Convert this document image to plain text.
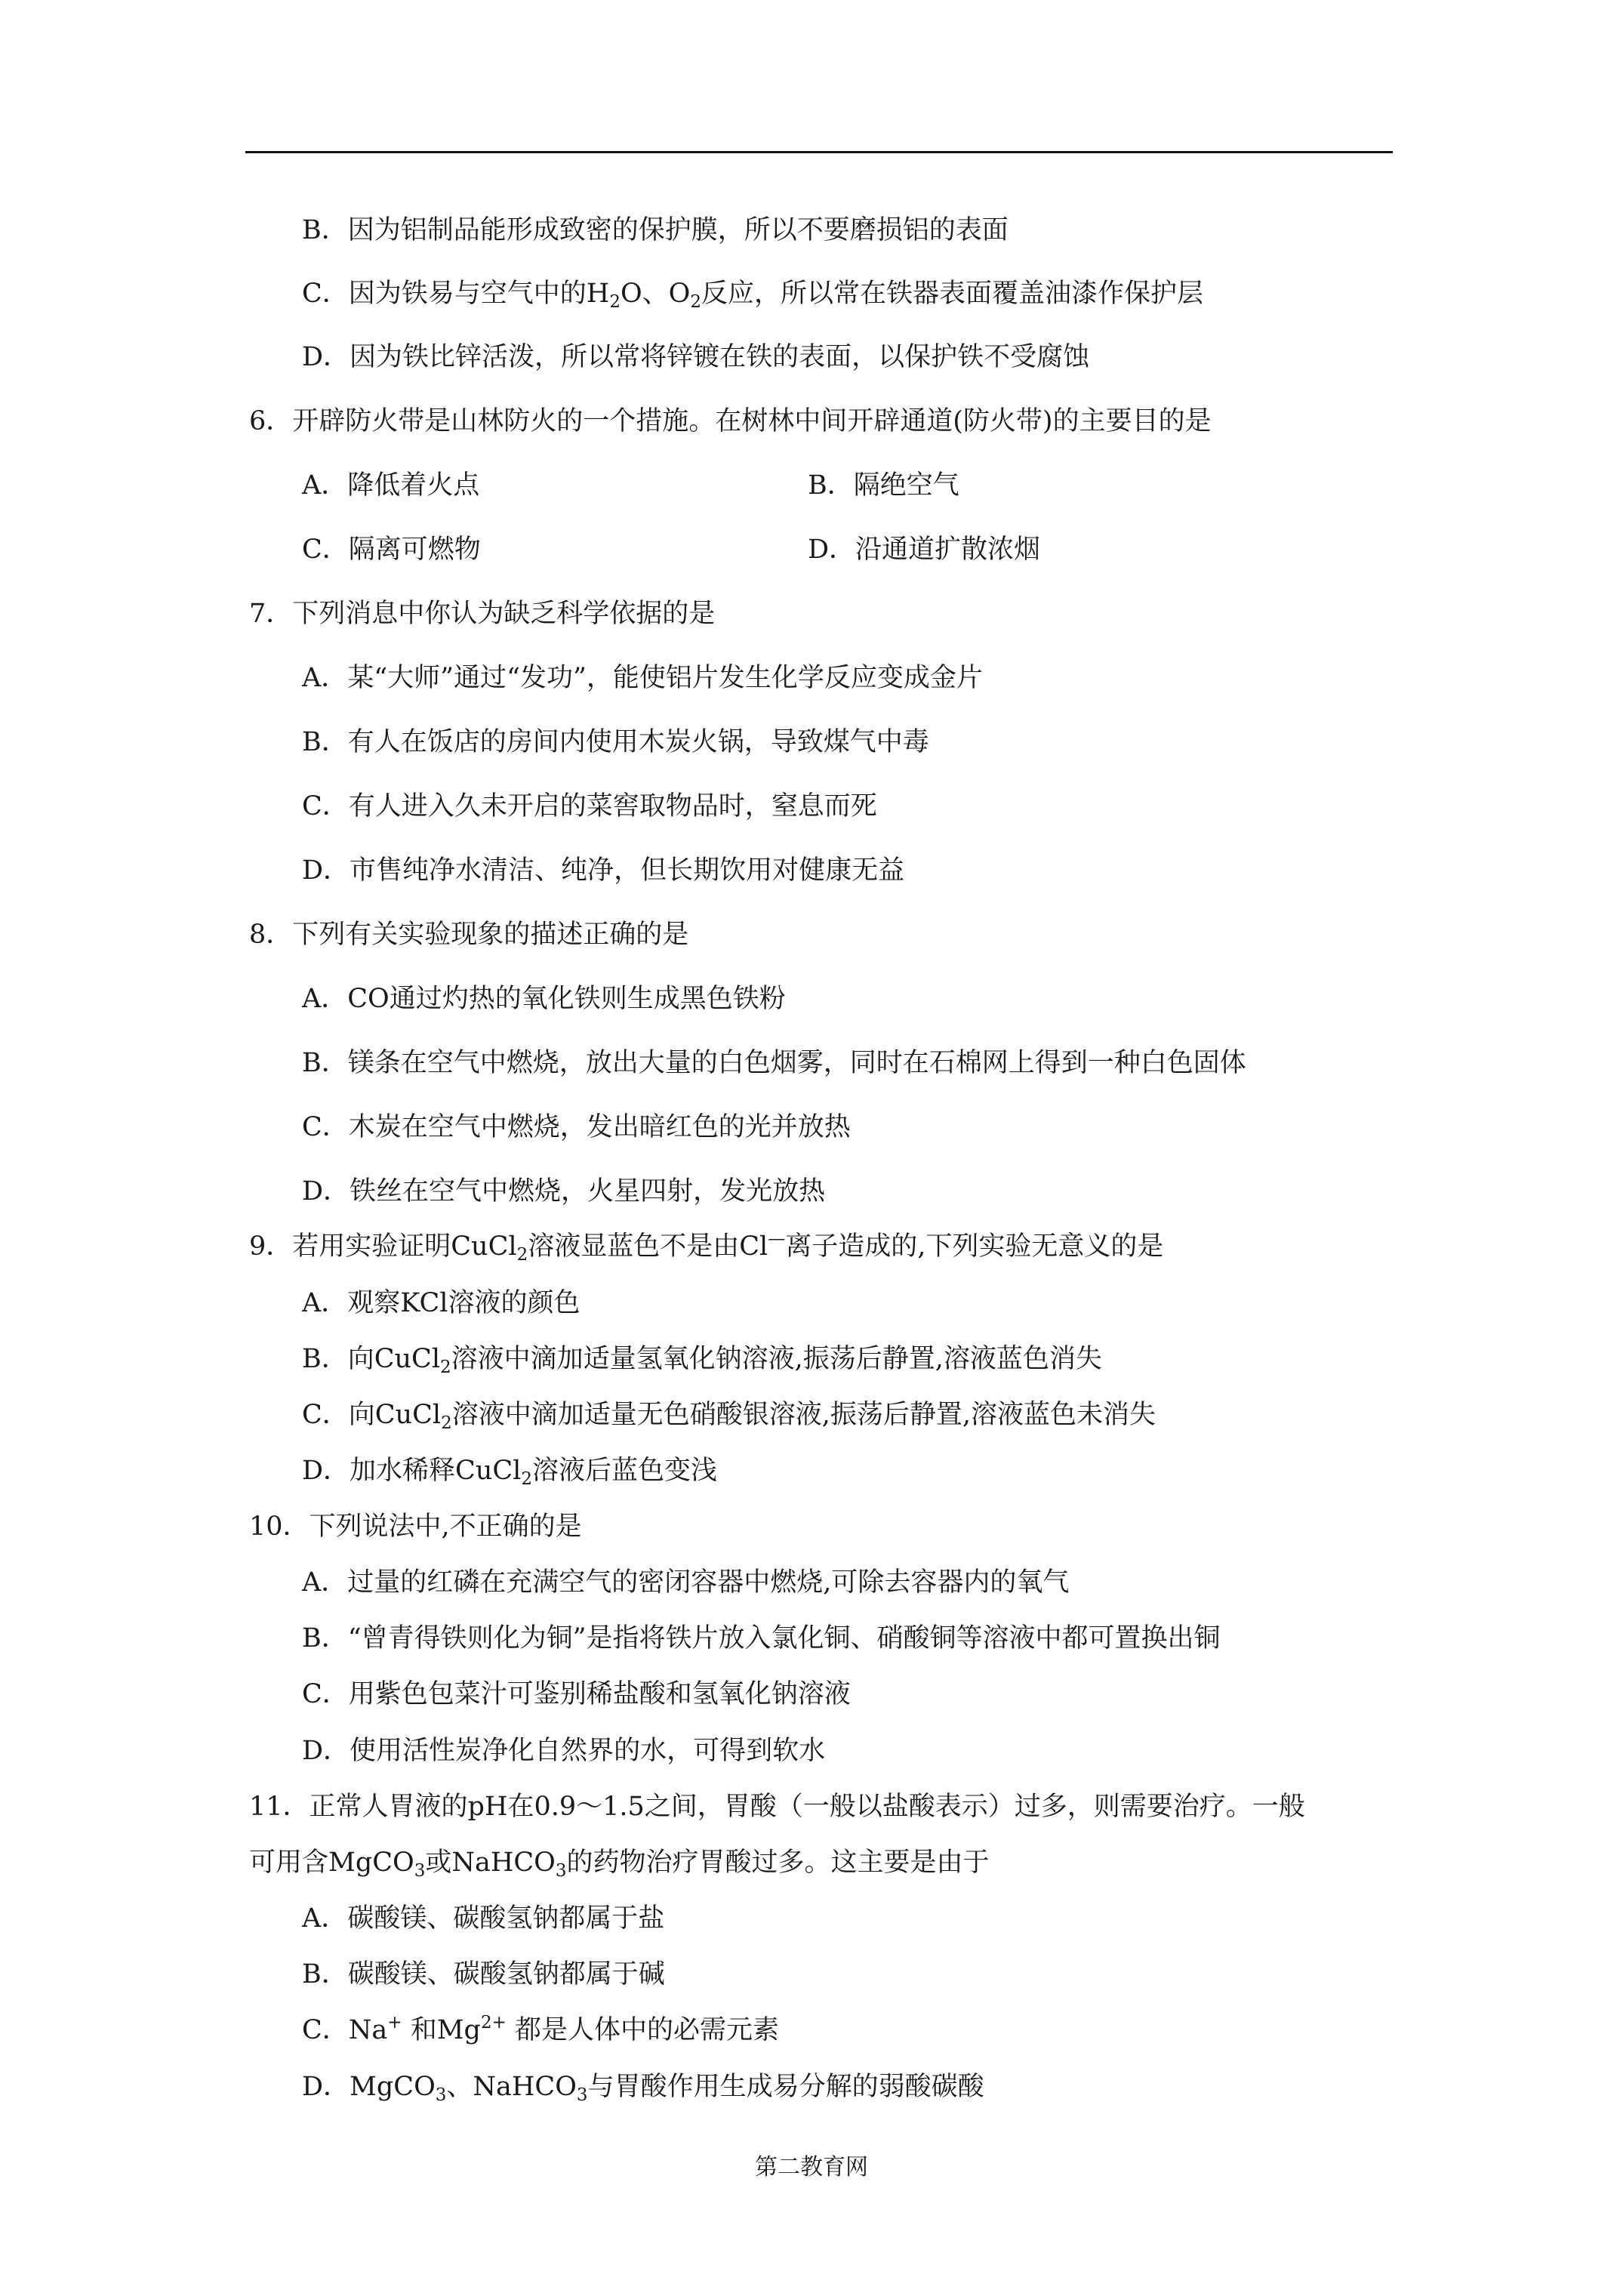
B．因为铝制品能形成致密的保护膜，所以不要磨损铝的表面
C．因为铁易与空气中的$H_2O$、$O_2$反应，所以常在铁器表面覆盖油漆作保护层
D．因为铁比锌活泼，所以常将锌镀在铁的表面，以保护铁不受腐蚀
6．开辟防火带是山林防火的一个措施。在树林中间开辟通道(防火带)的主要目的是
A．降低着火点	B．隔绝空气
C．隔离可燃物	D．沿通道扩散浓烟
7．下列消息中你认为缺乏科学依据的是
A．某“大师”通过“发功”，能使铝片发生化学反应变成金片
B．有人在饭店的房间内使用木炭火锅，导致煤气中毒
C．有人进入久未开启的菜窖取物品时，窒息而死
D．市售纯净水清洁、纯净，但长期饮用对健康无益
8．下列有关实验现象的描述正确的是
A．CO通过灼热的氧化铁则生成黑色铁粉
B．镁条在空气中燃烧，放出大量的白色烟雾，同时在石棉网上得到一种白色固体
C．木炭在空气中燃烧，发出暗红色的光并放热
D．铁丝在空气中燃烧，火星四射，发光放热
9．若用实验证明CuCl$_2$溶液显蓝色不是由Cl—离子造成的,下列实验无意义的是
A．观察KCl溶液的颜色
B．向CuCl$_2$溶液中滴加适量氢氧化钠溶液,振荡后静置,溶液蓝色消失
C．向CuCl$_2$溶液中滴加适量无色硝酸银溶液,振荡后静置,溶液蓝色未消失
D．加水稀释CuCl$_2$溶液后蓝色变浅
10．下列说法中,不正确的是
A．过量的红磷在充满空气的密闭容器中燃烧,可除去容器内的氧气
B．“曾青得铁则化为铜”是指将铁片放入氯化铜、硝酸铜等溶液中都可置换出铜
C．用紫色包菜汁可鉴别稀盐酸和氢氧化钠溶液
D．使用活性炭净化自然界的水，可得到软水
11．正常人胃液的pH在0.9～1.5之间，胃酸（一般以盐酸表示）过多，则需要治疗。一般
可用含MgCO$_3$或NaHCO$_3$的药物治疗胃酸过多。这主要是由于
A．碳酸镁、碳酸氢钠都属于盐
B．碳酸镁、碳酸氢钠都属于碱
C．Na+ 和$Mg^{2+}$ 都是人体中的必需元素
D．MgCO$_3$、NaHCO$_3$与胃酸作用生成易分解的弱酸碳酸
第二教育网
